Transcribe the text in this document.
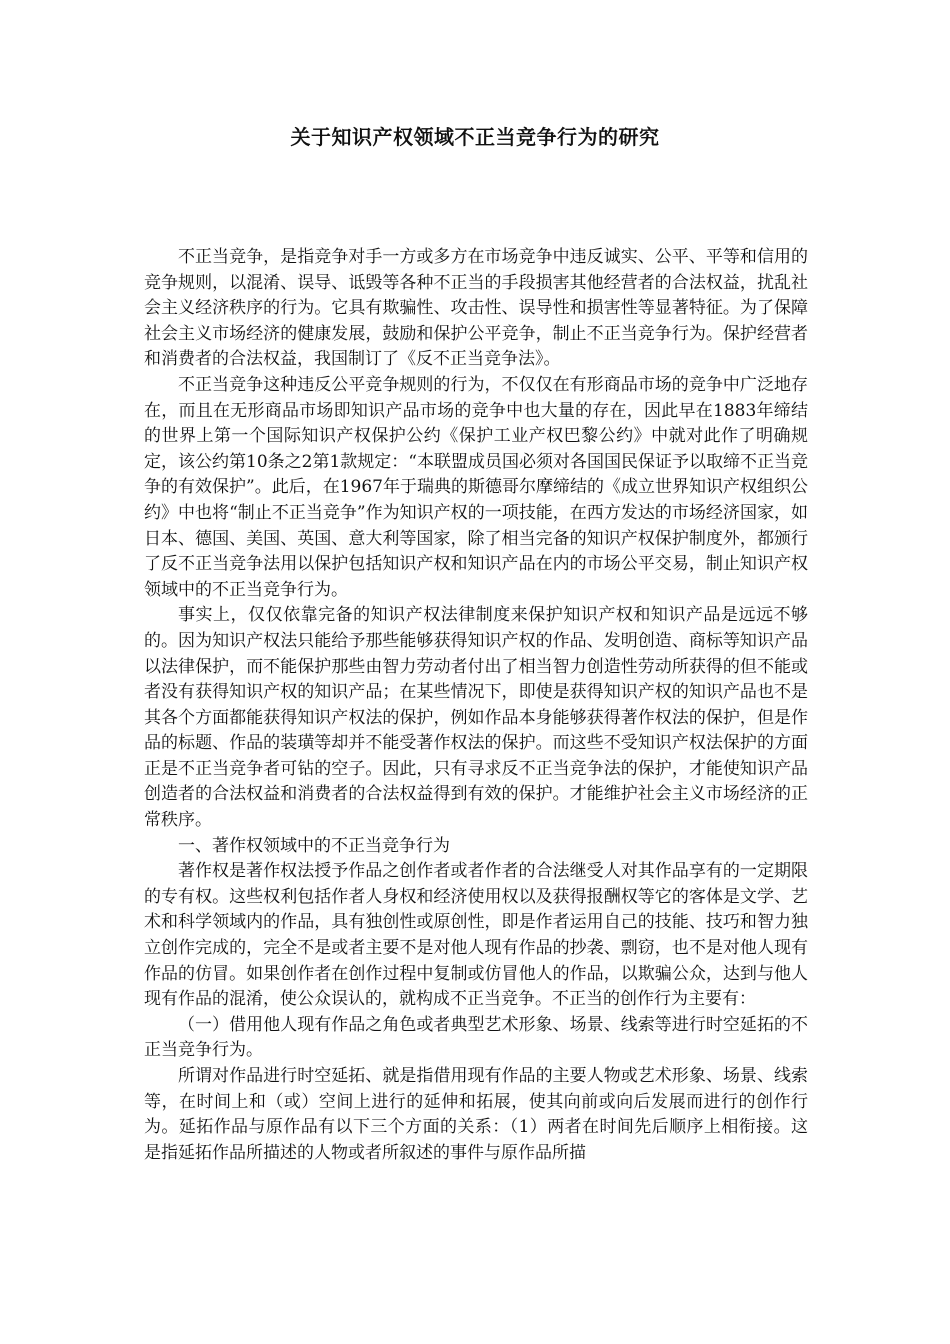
关于知识产权领域不正当竞争行为的研究

不正当竞争，是指竞争对手一方或多方在市场竞争中违反诚实、公平、平等和信用的竞争规则，以混淆、误导、诋毁等各种不正当的手段损害其他经营者的合法权益，扰乱社会主义经济秩序的行为。它具有欺骗性、攻击性、误导性和损害性等显著特征。为了保障社会主义市场经济的健康发展，鼓励和保护公平竞争，制止不正当竞争行为。保护经营者和消费者的合法权益，我国制订了《反不正当竞争法》。

不正当竞争这种违反公平竞争规则的行为，不仅仅在有形商品市场的竞争中广泛地存在，而且在无形商品市场即知识产品市场的竞争中也大量的存在，因此早在1883年缔结的世界上第一个国际知识产权保护公约《保护工业产权巴黎公约》中就对此作了明确规定，该公约第10条之2第1款规定：“本联盟成员国必须对各国国民保证予以取缔不正当竞争的有效保护”。此后，在1967年于瑞典的斯德哥尔摩缔结的《成立世界知识产权组织公约》中也将“制止不正当竞争”作为知识产权的一项技能，在西方发达的市场经济国家，如日本、德国、美国、英国、意大利等国家，除了相当完备的知识产权保护制度外，都颁行了反不正当竞争法用以保护包括知识产权和知识产品在内的市场公平交易，制止知识产权领域中的不正当竞争行为。

事实上，仅仅依靠完备的知识产权法律制度来保护知识产权和知识产品是远远不够的。因为知识产权法只能给予那些能够获得知识产权的作品、发明创造、商标等知识产品以法律保护，而不能保护那些由智力劳动者付出了相当智力创造性劳动所获得的但不能或者没有获得知识产权的知识产品；在某些情况下，即使是获得知识产权的知识产品也不是其各个方面都能获得知识产权法的保护，例如作品本身能够获得著作权法的保护，但是作品的标题、作品的装璜等却并不能受著作权法的保护。而这些不受知识产权法保护的方面正是不正当竞争者可钻的空子。因此，只有寻求反不正当竞争法的保护，才能使知识产品创造者的合法权益和消费者的合法权益得到有效的保护。才能维护社会主义市场经济的正常秩序。

一、著作权领域中的不正当竞争行为

著作权是著作权法授予作品之创作者或者作者的合法继受人对其作品享有的一定期限的专有权。这些权利包括作者人身权和经济使用权以及获得报酬权等它的客体是文学、艺术和科学领域内的作品，具有独创性或原创性，即是作者运用自己的技能、技巧和智力独立创作完成的，完全不是或者主要不是对他人现有作品的抄袭、剽窃，也不是对他人现有作品的仿冒。如果创作者在创作过程中复制或仿冒他人的作品，以欺骗公众，达到与他人现有作品的混淆，使公众误认的，就构成不正当竞争。不正当的创作行为主要有：

（一）借用他人现有作品之角色或者典型艺术形象、场景、线索等进行时空延拓的不正当竞争行为。

所谓对作品进行时空延拓、就是指借用现有作品的主要人物或艺术形象、场景、线索等，在时间上和（或）空间上进行的延伸和拓展，使其向前或向后发展而进行的创作行为。延拓作品与原作品有以下三个方面的关系：（1）两者在时间先后顺序上相衔接。这是指延拓作品所描述的人物或者所叙述的事件与原作品所描
